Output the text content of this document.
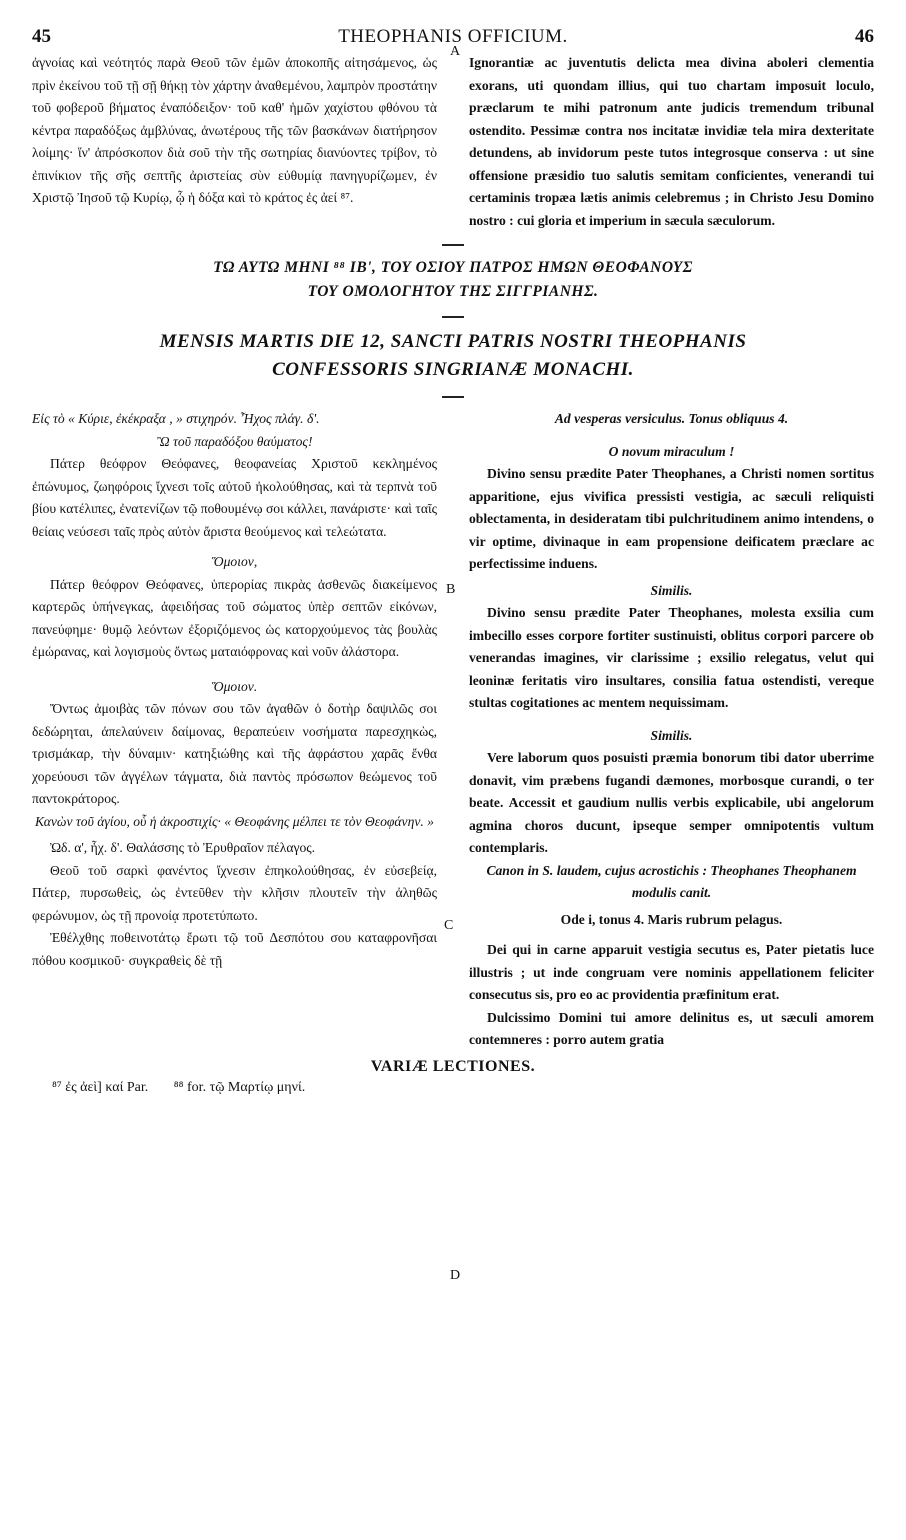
45	THEOPHANIS OFFICIUM.	46

ἀγνοίας καὶ νεότητός παρὰ Θεοῦ τῶν ἐμῶν ἀποκοπῆς αἰτησάμενος, ὡς πρὶν ἐκείνου τοῦ τῇ σῇ θήκῃ τὸν χάρτην ἀναθεμένου, λαμπρὸν προστάτην τοῦ φοβεροῦ βήματος ἐναπόδειξον· τοῦ καθ' ἡμῶν χαχίστου φθόνου τὰ κέντρα παραδόξως ἀμβλύνας, ἀνωτέρους τῆς τῶν βασκάνων διατήρησον λοίμης· ἵν' ἀπρόσκοπον διὰ σοῦ τὴν τῆς σωτηρίας διανύοντες τρίβον, τὸ ἐπινίκιον τῆς σῆς σεπτῆς ἀριστείας σὺν εὐθυμίᾳ πανηγυρίζωμεν, ἐν Χριστῷ Ἰησοῦ τῷ Κυρίῳ, ᾧ ἡ δόξα καὶ τὸ κράτος ἐς ἀεί ⁸⁷.

Ignorantiæ ac juventutis delicta mea divina aboleri clementia exorans, uti quondam illius, qui tuo chartam imposuit loculo, præclarum te mihi patronum ante judicis tremendum tribunal ostendito. Pessimæ contra nos incitatæ invidiæ tela mira dexteritate detundens, ab invidorum peste tutos integrosque conserva : ut sine offensione præsidio tuo salutis semitam conficientes, venerandi tui certaminis tropæa lætis animis celebremus ; in Christo Jesu Domino nostro : cui gloria et imperium in sæcula sæculorum.

ΤΩ ΑΥΤΩ ΜΗΝΙ ⁸⁸ ΙΒ', ΤΟΥ ΟΣΙΟΥ ΠΑΤΡΟΣ ΗΜΩΝ ΘΕΟΦΑΝΟΥΣ
ΤΟΥ ΟΜΟΛΟΓΗΤΟΥ ΤΗΣ ΣΙΓΓΡΙΑΝΗΣ.
MENSIS MARTIS DIE 12, SANCTI PATRIS NOSTRI THEOPHANIS
CONFESSORIS SINGRIANÆ MONACHI.

Εἰς τὸ « Κύριε, ἐκέκραξα , » στιχηρόν. Ἦχος πλάγ. δ'.

Ὢ τοῦ παραδόξου θαύματος!

Πάτερ θεόφρον Θεόφανες, θεοφανείας Χριστοῦ κεκλημένος ἐπώνυμος, ζωηφόροις ἴχνεσι τοῖς αὐτοῦ ἠκολούθησας, καὶ τὰ τερπνὰ τοῦ βίου κατέλιπες, ἐνατενίζων τῷ ποθουμένῳ σοι κάλλει, πανάριστε· καὶ ταῖς θείαις νεύσεσι ταῖς πρὸς αὐτὸν ἄριστα θεούμενος καὶ τελεώτατα.

Ὅμοιον,

Πάτερ θεόφρον Θεόφανες, ὑπερορίας πικρὰς ἀσθενῶς διακείμενος καρτερῶς ὑπήνεγκας, ἀφειδήσας τοῦ σώματος ὑπὲρ σεπτῶν εἰκόνων, πανεύφημε· θυμῷ λεόντων ἐξοριζόμενος ὡς κατορχούμενος τὰς βουλὰς ἐμώρανας, καὶ λογισμοὺς ὄντως ματαιόφρονας καὶ νοῦν ἀλάστορα.

Ὅμοιον.

Ὄντως ἀμοιβὰς τῶν πόνων σου τῶν ἀγαθῶν ὁ δοτὴρ δαψιλῶς σοι δεδώρηται, ἀπελαύνειν δαίμονας, θεραπεύειν νοσήματα παρεσχηκὼς, τρισμάκαρ, τὴν δύναμιν· κατηξιώθης καὶ τῆς ἀφράστου χαρᾶς ἔνθα χορεύουσι τῶν ἀγγέλων τάγματα, διὰ παντὸς πρόσωπον θεώμενος τοῦ παντοκράτορος.

Κανὼν τοῦ ἁγίου, οὗ ἡ ἀκροστιχίς· « Θεοφάνης μέλπει τε τὸν Θεοφάνην. »

Ὠδ. α', ἦχ. δ'. Θαλάσσης τὸ Ἐρυθραῖον πέλαγος.

Θεοῦ τοῦ σαρκὶ φανέντος ἴχνεσιν ἐπηκολούθησας, ἐν εὐσεβείᾳ, Πάτερ, πυρσωθεὶς, ὡς ἐντεῦθεν τὴν κλῆσιν πλουτεῖν τὴν ἀληθῶς φερώνυμον, ὡς τῇ προνοίᾳ προτετύπωτο.

Ἐθέλχθης ποθεινοτάτῳ ἔρωτι τῷ τοῦ Δεσπότου σου καταφρονῆσαι πόθου κοσμικοῦ· συγκραθεὶς δὲ τῇ

Ad vesperas versiculus. Tonus obliquus 4.

O novum miraculum !

Divino sensu prædite Pater Theophanes, a Christi nomen sortitus apparitione, ejus vivifica pressisti vestigia, ac sæculi reliquisti oblectamenta, in desideratam tibi pulchritudinem animo intendens, o vir optime, divinaque in eam propensione deificatem præclare ac perfectissime induens.

Similis.

Divino sensu prædite Pater Theophanes, molesta exsilia cum imbecillo esses corpore fortiter sustinuisti, oblitus corpori parcere ob venerandas imagines, vir clarissime ; exsilio relegatus, velut qui leoninæ feritatis viro insultares, consilia fatua ostendisti, vereque stultas cogitationes ac mentem nequissimam.

Similis.

Vere laborum quos posuisti præmia bonorum tibi dator uberrime donavit, vim præbens fugandi dæmones, morbosque curandi, o ter beate. Accessit et gaudium nullis verbis explicabile, ubi angelorum agmina choros ducunt, ipseque semper omnipotentis vultum contemplaris.

Canon in S. laudem, cujus acrostichis : Theophanes Theophanem modulis canit.

Ode i, tonus 4. Maris rubrum pelagus.

Dei qui in carne apparuit vestigia secutus es, Pater pietatis luce illustris ; ut inde congruam vere nominis appellationem feliciter consecutus sis, pro eo ac providentia præfinitum erat.

Dulcissimo Domini tui amore delinitus es, ut sæculi amorem contemneres : porro autem gratia

VARIÆ LECTIONES.
⁸⁷ ἐς ἀεὶ] καί Par. ⁸⁸ for. τῷ Μαρτίῳ μηνί.
A
B
C
D
